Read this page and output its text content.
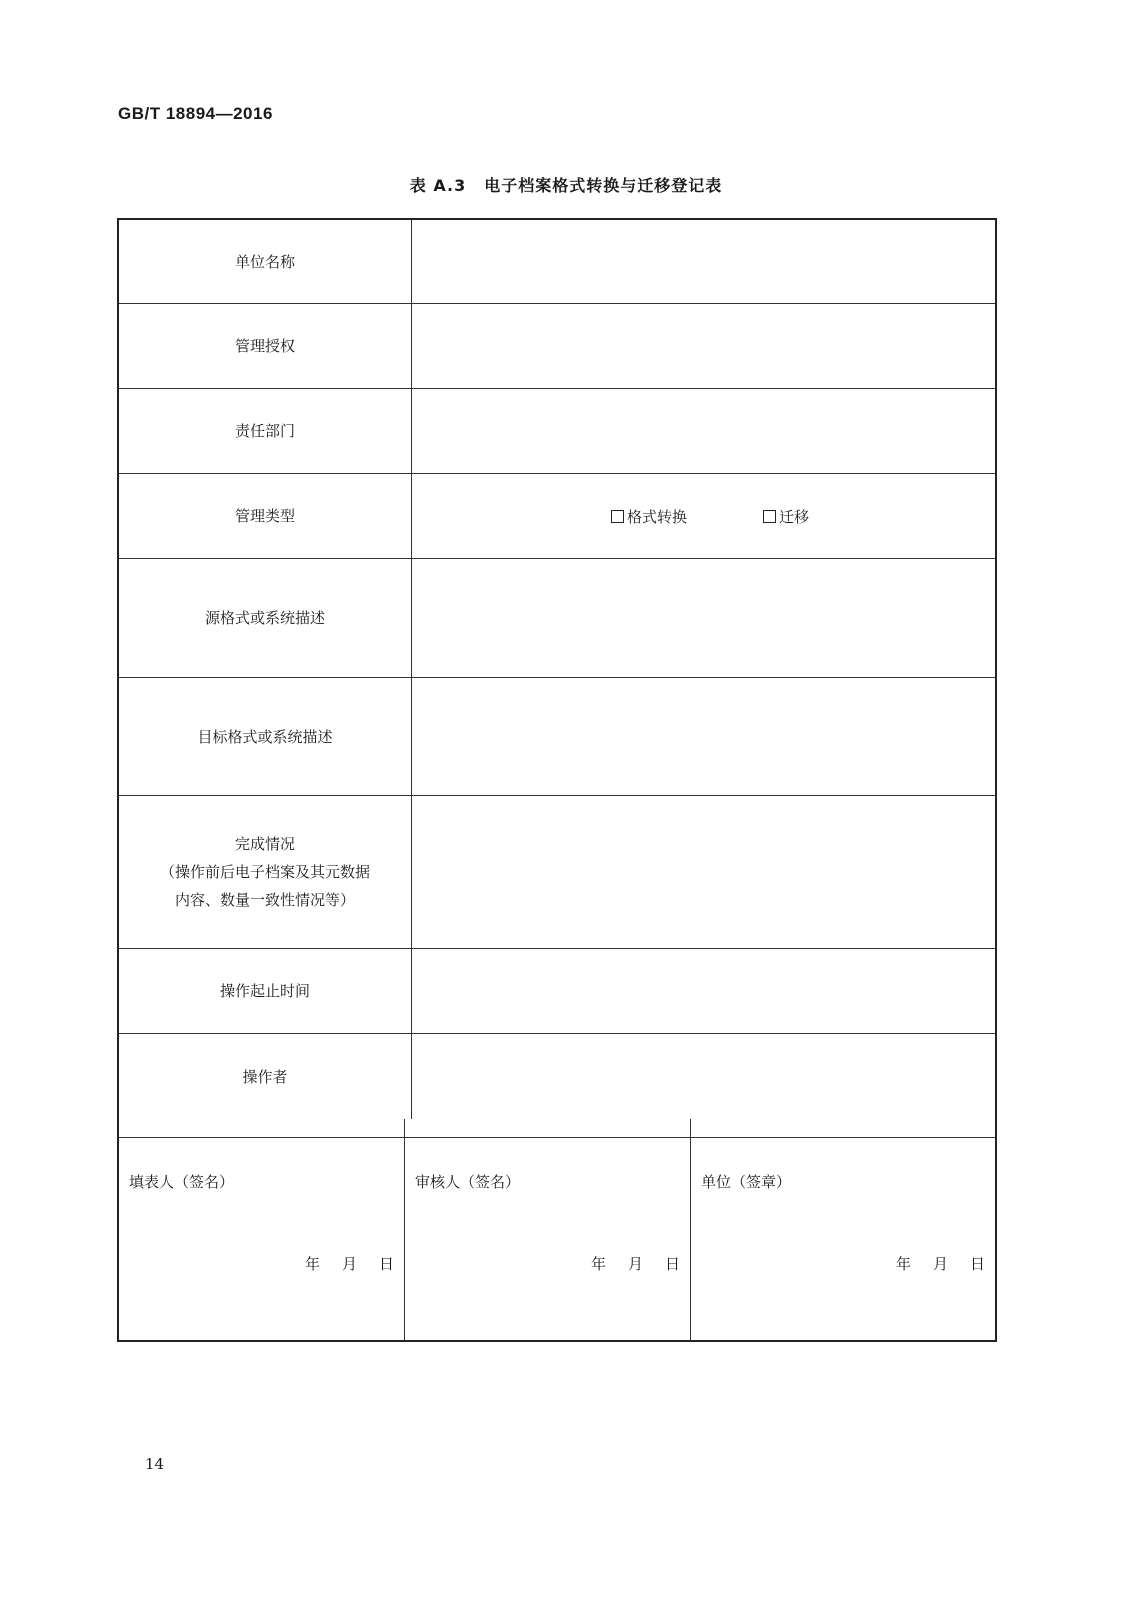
GB/T 18894—2016
表 A.3 电子档案格式转换与迁移登记表
单位名称
管理授权
责任部门
管理类型	格式转换	迁移
源格式或系统描述
目标格式或系统描述
完成情况
（操作前后电子档案及其元数据
内容、数量一致性情况等）
操作起止时间
操作者
填表人（签名）
年 月 日
审核人（签名）
年 月 日
单位（签章）
年 月 日
14
